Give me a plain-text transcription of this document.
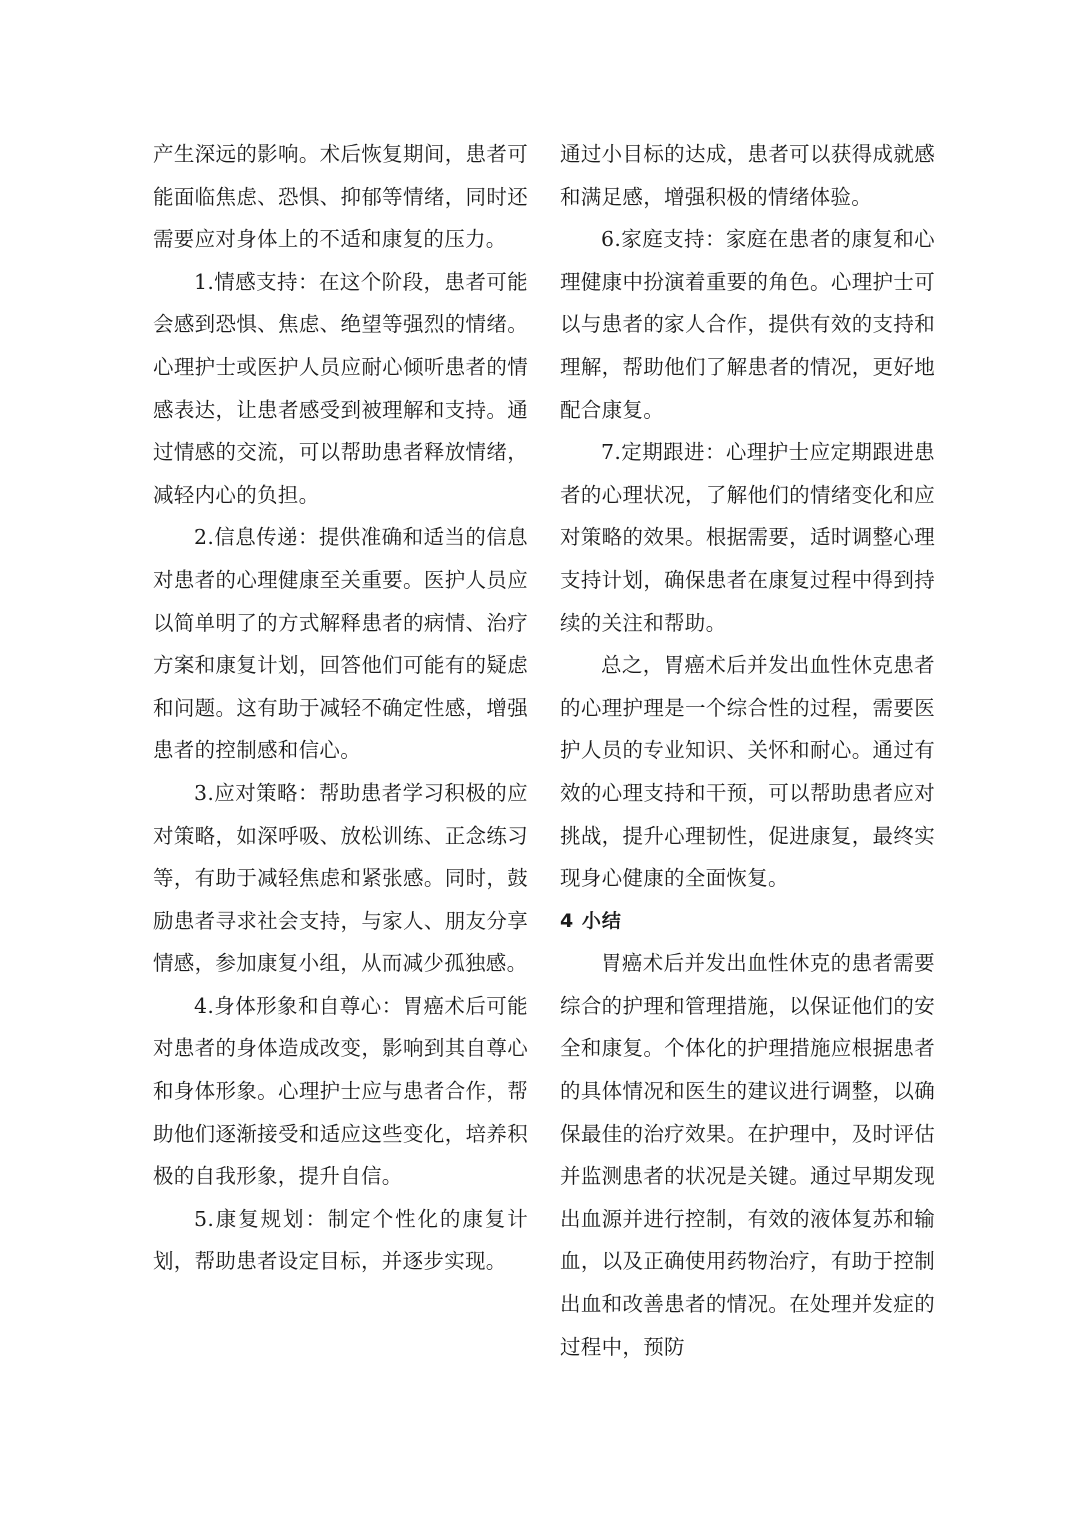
产生深远的影响。术后恢复期间，患者可能面临焦虑、恐惧、抑郁等情绪，同时还需要应对身体上的不适和康复的压力。

1.情感支持：在这个阶段，患者可能会感到恐惧、焦虑、绝望等强烈的情绪。心理护士或医护人员应耐心倾听患者的情感表达，让患者感受到被理解和支持。通过情感的交流，可以帮助患者释放情绪，减轻内心的负担。

2.信息传递：提供准确和适当的信息对患者的心理健康至关重要。医护人员应以简单明了的方式解释患者的病情、治疗方案和康复计划，回答他们可能有的疑虑和问题。这有助于减轻不确定性感，增强患者的控制感和信心。

3.应对策略：帮助患者学习积极的应对策略，如深呼吸、放松训练、正念练习等，有助于减轻焦虑和紧张感。同时，鼓励患者寻求社会支持，与家人、朋友分享情感，参加康复小组，从而减少孤独感。

4.身体形象和自尊心：胃癌术后可能对患者的身体造成改变，影响到其自尊心和身体形象。心理护士应与患者合作，帮助他们逐渐接受和适应这些变化，培养积极的自我形象，提升自信。

5.康复规划：制定个性化的康复计划，帮助患者设定目标，并逐步实现。

通过小目标的达成，患者可以获得成就感和满足感，增强积极的情绪体验。

6.家庭支持：家庭在患者的康复和心理健康中扮演着重要的角色。心理护士可以与患者的家人合作，提供有效的支持和理解，帮助他们了解患者的情况，更好地配合康复。

7.定期跟进：心理护士应定期跟进患者的心理状况，了解他们的情绪变化和应对策略的效果。根据需要，适时调整心理支持计划，确保患者在康复过程中得到持续的关注和帮助。

总之，胃癌术后并发出血性休克患者的心理护理是一个综合性的过程，需要医护人员的专业知识、关怀和耐心。通过有效的心理支持和干预，可以帮助患者应对挑战，提升心理韧性，促进康复，最终实现身心健康的全面恢复。

4 小结

胃癌术后并发出血性休克的患者需要综合的护理和管理措施，以保证他们的安全和康复。个体化的护理措施应根据患者的具体情况和医生的建议进行调整，以确保最佳的治疗效果。在护理中，及时评估并监测患者的状况是关键。通过早期发现出血源并进行控制，有效的液体复苏和输血，以及正确使用药物治疗，有助于控制出血和改善患者的情况。在处理并发症的过程中，预防
